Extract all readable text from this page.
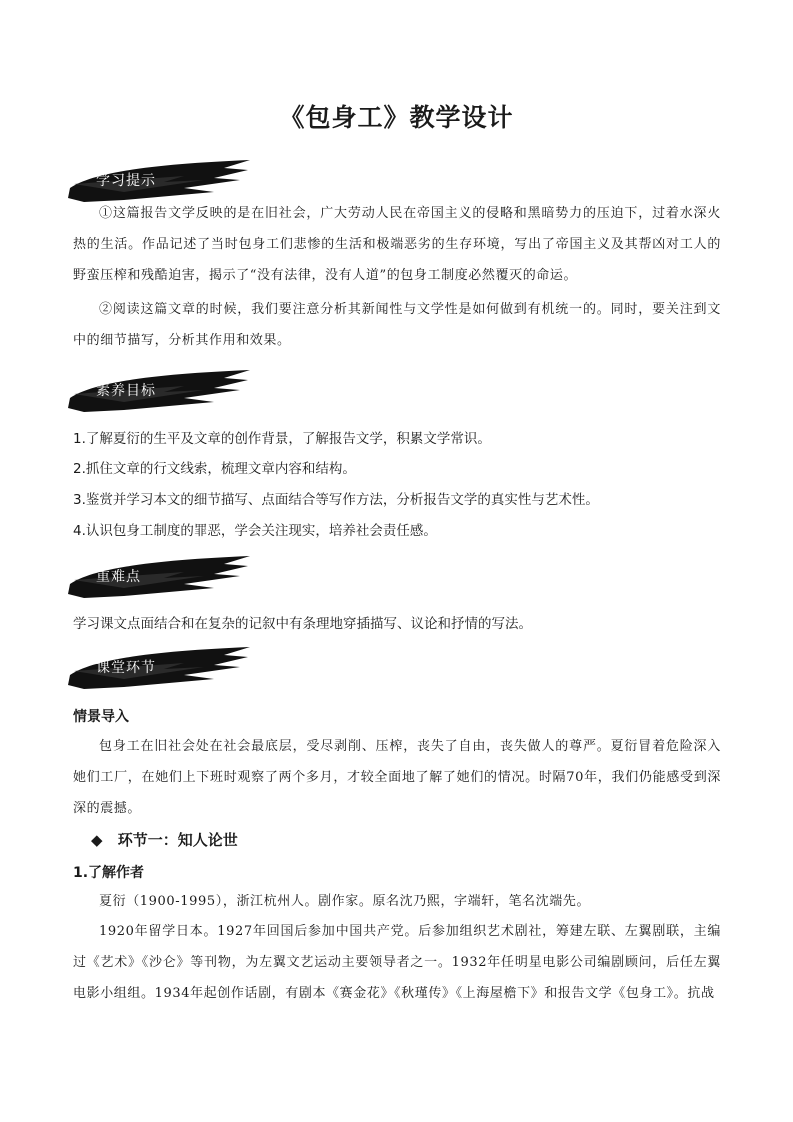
《包身工》教学设计
学习提示
①这篇报告文学反映的是在旧社会，广大劳动人民在帝国主义的侵略和黑暗势力的压迫下，过着水深火热的生活。作品记述了当时包身工们悲惨的生活和极端恶劣的生存环境，写出了帝国主义及其帮凶对工人的野蛮压榨和残酷迫害，揭示了“没有法律，没有人道”的包身工制度必然覆灭的命运。
②阅读这篇文章的时候，我们要注意分析其新闻性与文学性是如何做到有机统一的。同时，要关注到文中的细节描写，分析其作用和效果。
素养目标
1.了解夏衍的生平及文章的创作背景，了解报告文学，积累文学常识。
2.抓住文章的行文线索，梳理文章内容和结构。
3.鉴赏并学习本文的细节描写、点面结合等写作方法，分析报告文学的真实性与艺术性。
4.认识包身工制度的罪恶，学会关注现实，培养社会责任感。
重难点
学习课文点面结合和在复杂的记叙中有条理地穿插描写、议论和抒情的写法。
课堂环节
情景导入
包身工在旧社会处在社会最底层，受尽剥削、压榨，丧失了自由，丧失做人的尊严。夏衍冒着危险深入她们工厂，在她们上下班时观察了两个多月，才较全面地了解了她们的情况。时隔70年，我们仍能感受到深深的震撼。
◆ 环节一：知人论世
1.了解作者
夏衍（1900-1995），浙江杭州人。剧作家。原名沈乃熙，字端轩，笔名沈端先。
1920年留学日本。1927年回国后参加中国共产党。后参加组织艺术剧社，筹建左联、左翼剧联，主编过《艺术》《沙仑》等刊物，为左翼文艺运动主要领导者之一。1932年任明星电影公司编剧顾问，后任左翼电影小组组。1934年起创作话剧，有剧本《赛金花》《秋瑾传》《上海屋檐下》和报告文学《包身工》。抗战
